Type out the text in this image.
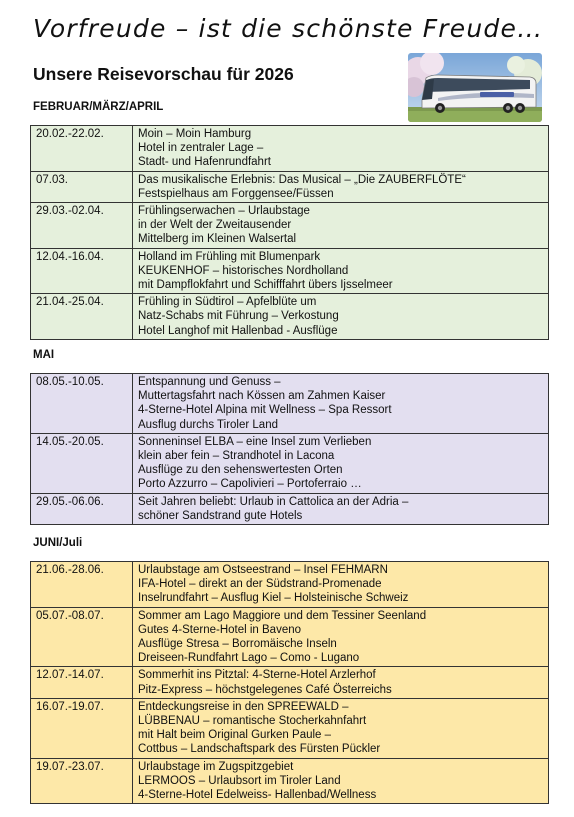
Vorfreude – ist die schönste Freude…
Unsere Reisevorschau für 2026
FEBRUAR/MÄRZ/APRIL
20.02.-22.02.	Moin – Moin Hamburg
Hotel in zentraler Lage –
Stadt- und Hafenrundfahrt

07.03.	Das musikalische Erlebnis: Das Musical – „Die ZAUBERFLÖTE“
Festspielhaus am Forggensee/Füssen

29.03.-02.04.	Frühlingserwachen – Urlaubstage
in der Welt der Zweitausender
Mittelberg im Kleinen Walsertal

12.04.-16.04.	Holland im Frühling mit Blumenpark
KEUKENHOF – historisches Nordholland
mit Dampflokfahrt und Schifffahrt übers Ijsselmeer

21.04.-25.04.	Frühling in Südtirol – Apfelblüte um
Natz-Schabs mit Führung – Verkostung
Hotel Langhof mit Hallenbad - Ausflüge
MAI
08.05.-10.05.	Entspannung und Genuss –
Muttertagsfahrt nach Kössen am Zahmen Kaiser
4-Sterne-Hotel Alpina mit Wellness – Spa Ressort
Ausflug durchs Tiroler Land

14.05.-20.05.	Sonneninsel ELBA – eine Insel zum Verlieben
klein aber fein – Strandhotel in Lacona
Ausflüge zu den sehenswertesten Orten
Porto Azzurro – Capolivieri – Portoferraio …

29.05.-06.06.	Seit Jahren beliebt: Urlaub in Cattolica an der Adria –
schöner Sandstrand gute Hotels
JUNI/Juli
21.06.-28.06.	Urlaubstage am Ostseestrand – Insel FEHMARN
IFA-Hotel – direkt an der Südstrand-Promenade
Inselrundfahrt – Ausflug Kiel – Holsteinische Schweiz

05.07.-08.07.	Sommer am Lago Maggiore und dem Tessiner Seenland
Gutes 4-Sterne-Hotel in Baveno
Ausflüge Stresa – Borromäische Inseln
Dreiseen-Rundfahrt Lago – Como - Lugano

12.07.-14.07.	Sommerhit ins Pitztal: 4-Sterne-Hotel Arzlerhof
Pitz-Express – höchstgelegenes Café Österreichs

16.07.-19.07.	Entdeckungsreise in den SPREEWALD –
LÜBBENAU – romantische Stocherkahnfahrt
mit Halt beim Original Gurken Paule –
Cottbus – Landschaftspark des Fürsten Pückler

19.07.-23.07.	Urlaubstage im Zugspitzgebiet
LERMOOS – Urlaubsort im Tiroler Land
4-Sterne-Hotel Edelweiss- Hallenbad/Wellness
